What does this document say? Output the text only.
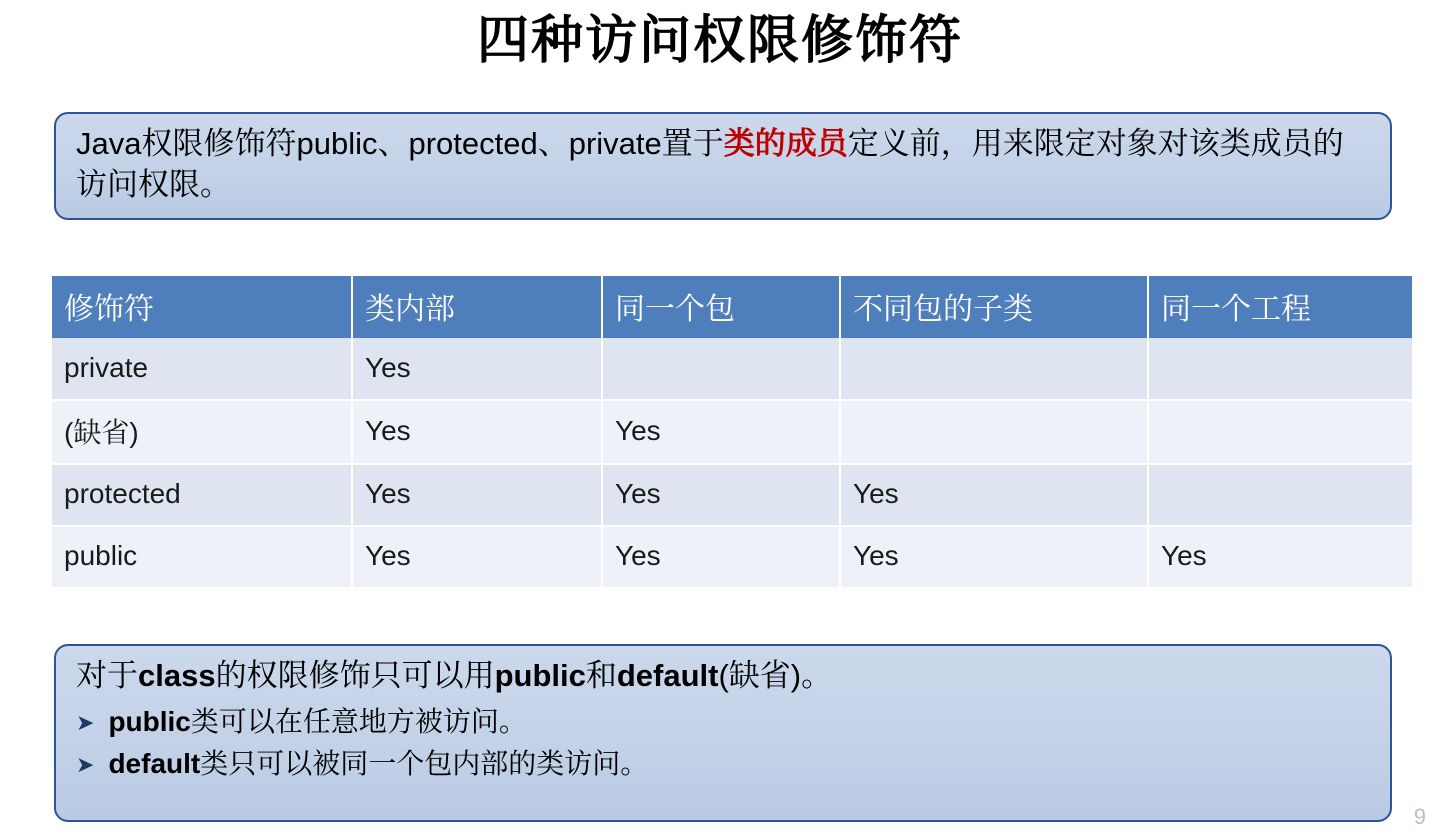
四种访问权限修饰符
Java权限修饰符public、protected、private置于类的成员定义前，用来限定对象对该类成员的访问权限。
修饰符	类内部	同一个包	不同包的子类	同一个工程
private	Yes			
(缺省)	Yes	Yes		
protected	Yes	Yes	Yes	
public	Yes	Yes	Yes	Yes
对于class的权限修饰只可以用public和default(缺省)。
➤ public类可以在任意地方被访问。
➤ default类只可以被同一个包内部的类访问。
9
